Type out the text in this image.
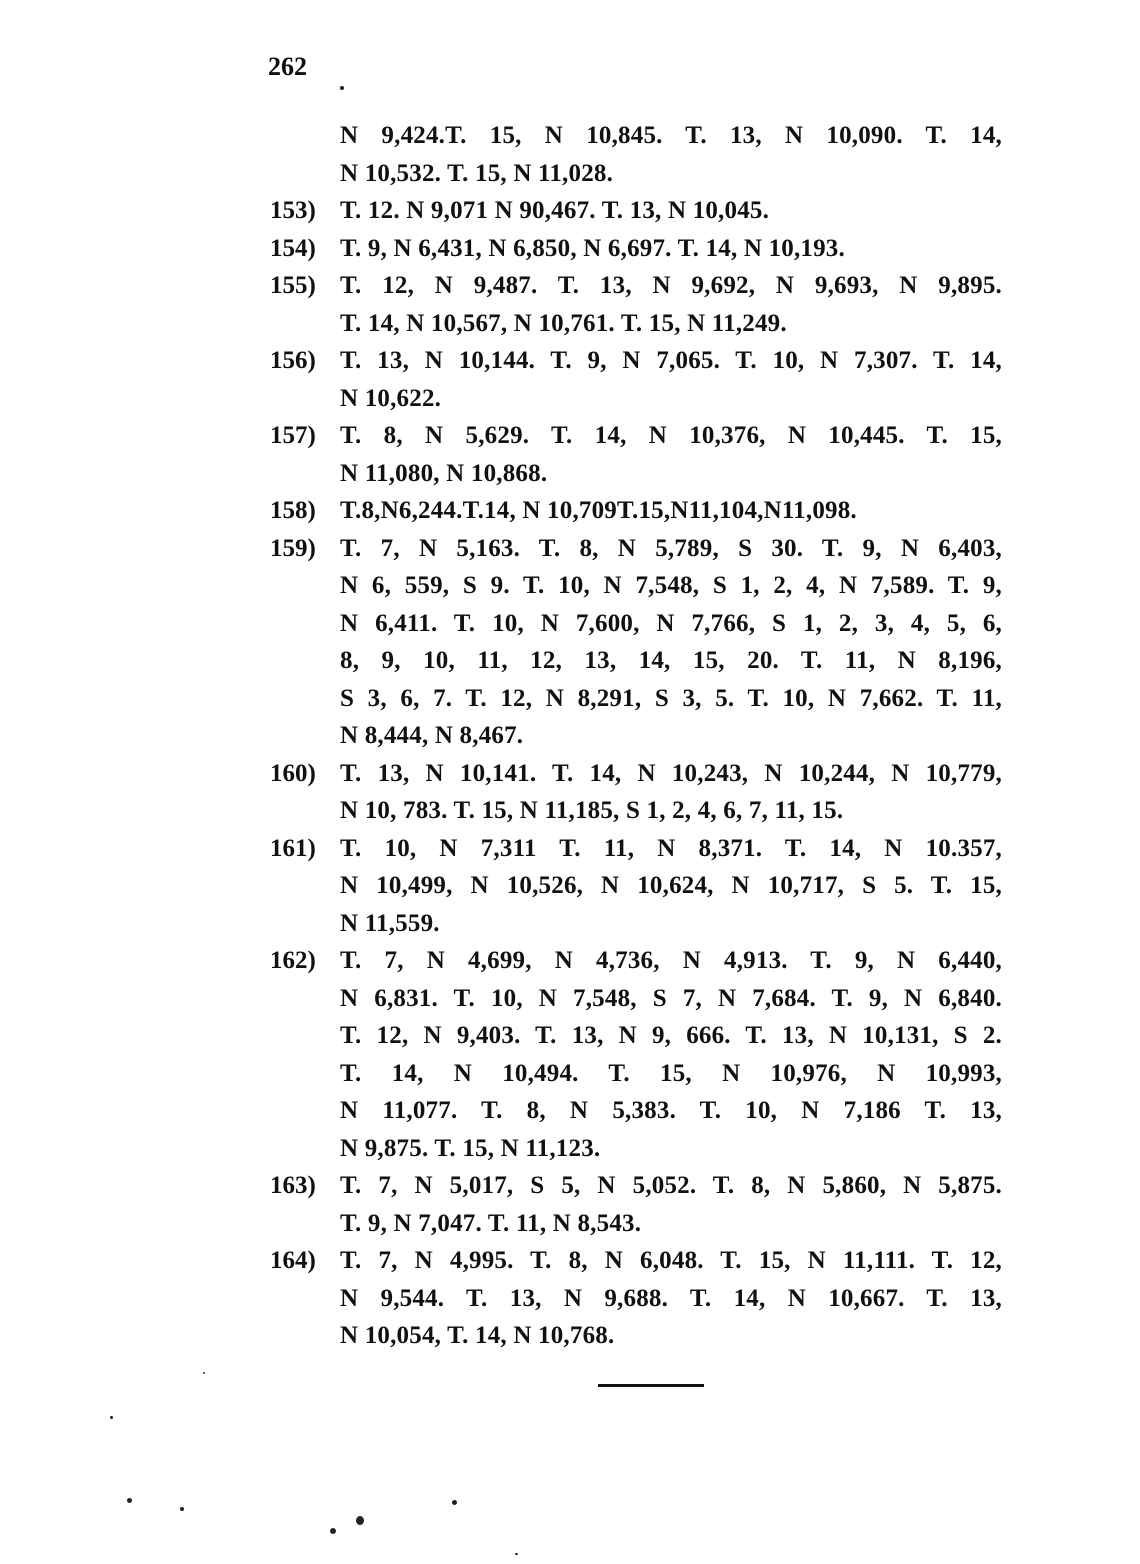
262
N 9,424.T. 15, N 10,845. T. 13, N 10,090. T. 14,
N 10,532. T. 15, N 11,028.
153) T. 12. N 9,071 N 90,467. T. 13, N 10,045.
154) T. 9, N 6,431, N 6,850, N 6,697. T. 14, N 10,193.
155) T. 12, N 9,487. T. 13, N 9,692, N 9,693, N 9,895.
T. 14, N 10,567, N 10,761. T. 15, N 11,249.
156) T. 13, N 10,144. T. 9, N 7,065. T. 10, N 7,307. T. 14,
N 10,622.
157) T. 8, N 5,629. T. 14, N 10,376, N 10,445. T. 15,
N 11,080, N 10,868.
158) T.8,N6,244.T.14, N 10,709T.15,N11,104,N11,098.
159) T. 7, N 5,163. T. 8, N 5,789, S 30. T. 9, N 6,403,
N 6, 559, S 9. T. 10, N 7,548, S 1, 2, 4, N 7,589. T. 9,
N 6,411. T. 10, N 7,600, N 7,766, S 1, 2, 3, 4, 5, 6,
8, 9, 10, 11, 12, 13, 14, 15, 20. T. 11, N 8,196,
S 3, 6, 7. T. 12, N 8,291, S 3, 5. T. 10, N 7,662. T. 11,
N 8,444, N 8,467.
160) T. 13, N 10,141. T. 14, N 10,243, N 10,244, N 10,779,
N 10, 783. T. 15, N 11,185, S 1, 2, 4, 6, 7, 11, 15.
161) T. 10, N 7,311 T. 11, N 8,371. T. 14, N 10.357,
N 10,499, N 10,526, N 10,624, N 10,717, S 5. T. 15,
N 11,559.
162) T. 7, N 4,699, N 4,736, N 4,913. T. 9, N 6,440,
N 6,831. T. 10, N 7,548, S 7, N 7,684. T. 9, N 6,840.
T. 12, N 9,403. T. 13, N 9, 666. T. 13, N 10,131, S 2.
T. 14, N 10,494. T. 15, N 10,976, N 10,993,
N 11,077. T. 8, N 5,383. T. 10, N 7,186 T. 13,
N 9,875. T. 15, N 11,123.
163) T. 7, N 5,017, S 5, N 5,052. T. 8, N 5,860, N 5,875.
T. 9, N 7,047. T. 11, N 8,543.
164) T. 7, N 4,995. T. 8, N 6,048. T. 15, N 11,111. T. 12,
N 9,544. T. 13, N 9,688. T. 14, N 10,667. T. 13,
N 10,054, T. 14, N 10,768.
